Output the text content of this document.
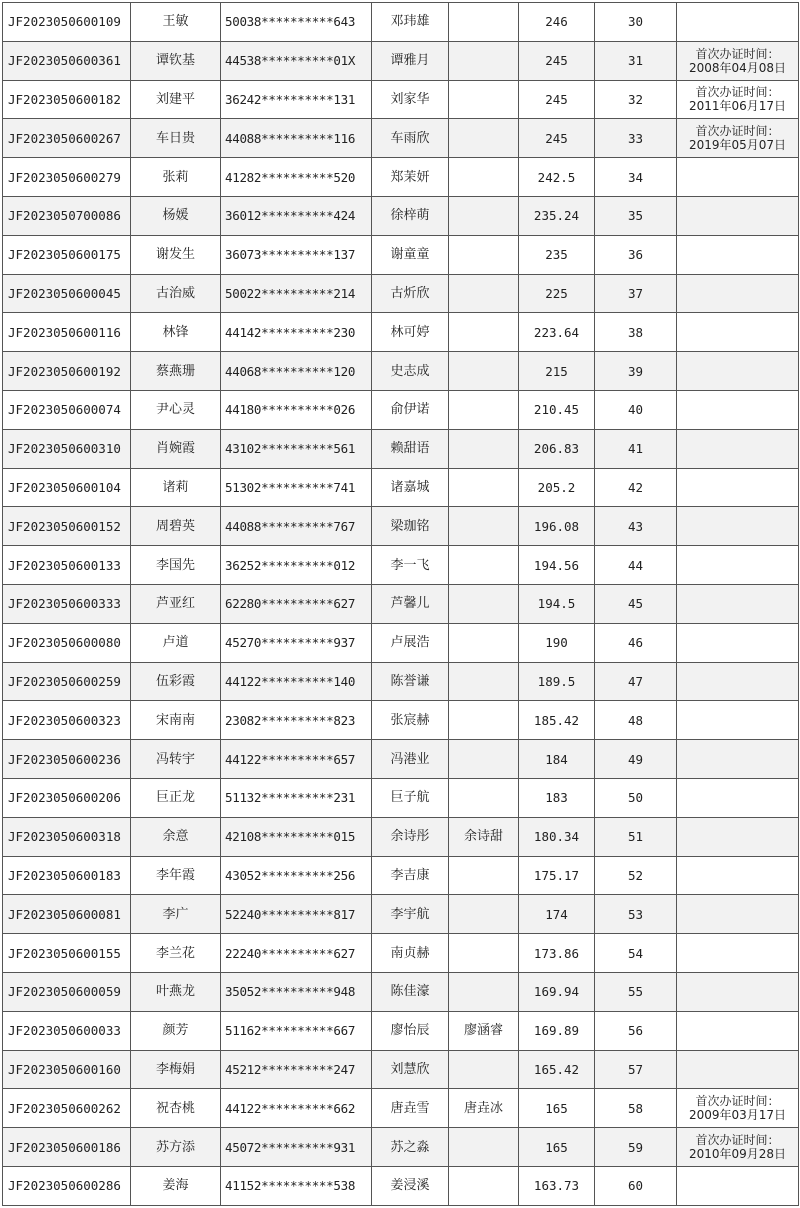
JF2023050600109	王敏	50038**********643	邓玮雄		246	30	

JF2023050600361	谭钦基	44538**********01X	谭雅月		245	31	首次办证时间：
2008年04月08日

JF2023050600182	刘建平	36242**********131	刘家华		245	32	首次办证时间：
2011年06月17日

JF2023050600267	车日贵	44088**********116	车雨欣		245	33	首次办证时间：
2019年05月07日

JF2023050600279	张莉	41282**********520	郑茉妍		242.5	34	

JF2023050700086	杨媛	36012**********424	徐梓萌		235.24	35	

JF2023050600175	谢发生	36073**********137	谢童童		235	36	

JF2023050600045	古治威	50022**********214	古炘欣		225	37	

JF2023050600116	林锋	44142**********230	林可婷		223.64	38	

JF2023050600192	蔡燕珊	44068**********120	史志成		215	39	

JF2023050600074	尹心灵	44180**********026	俞伊诺		210.45	40	

JF2023050600310	肖婉霞	43102**********561	赖甜语		206.83	41	

JF2023050600104	诸莉	51302**********741	诸嘉城		205.2	42	

JF2023050600152	周碧英	44088**********767	梁珈铭		196.08	43	

JF2023050600133	李国先	36252**********012	李一飞		194.56	44	

JF2023050600333	芦亚红	62280**********627	芦馨儿		194.5	45	

JF2023050600080	卢道	45270**********937	卢展浩		190	46	

JF2023050600259	伍彩霞	44122**********140	陈誉谦		189.5	47	

JF2023050600323	宋南南	23082**********823	张宸赫		185.42	48	

JF2023050600236	冯转宇	44122**********657	冯港业		184	49	

JF2023050600206	巨正龙	51132**********231	巨子航		183	50	

JF2023050600318	余意	42108**********015	余诗彤	余诗甜	180.34	51	

JF2023050600183	李年霞	43052**********256	李吉康		175.17	52	

JF2023050600081	李广	52240**********817	李宇航		174	53	

JF2023050600155	李兰花	22240**********627	南贞赫		173.86	54	

JF2023050600059	叶燕龙	35052**********948	陈佳濠		169.94	55	

JF2023050600033	颜芳	51162**********667	廖怡辰	廖涵睿	169.89	56	

JF2023050600160	李梅娟	45212**********247	刘慧欣		165.42	57	

JF2023050600262	祝杏桃	44122**********662	唐垚雪	唐垚冰	165	58	首次办证时间：
2009年03月17日

JF2023050600186	苏方添	45072**********931	苏之淼		165	59	首次办证时间：
2010年09月28日

JF2023050600286	姜海	41152**********538	姜浸溪		163.73	60	
